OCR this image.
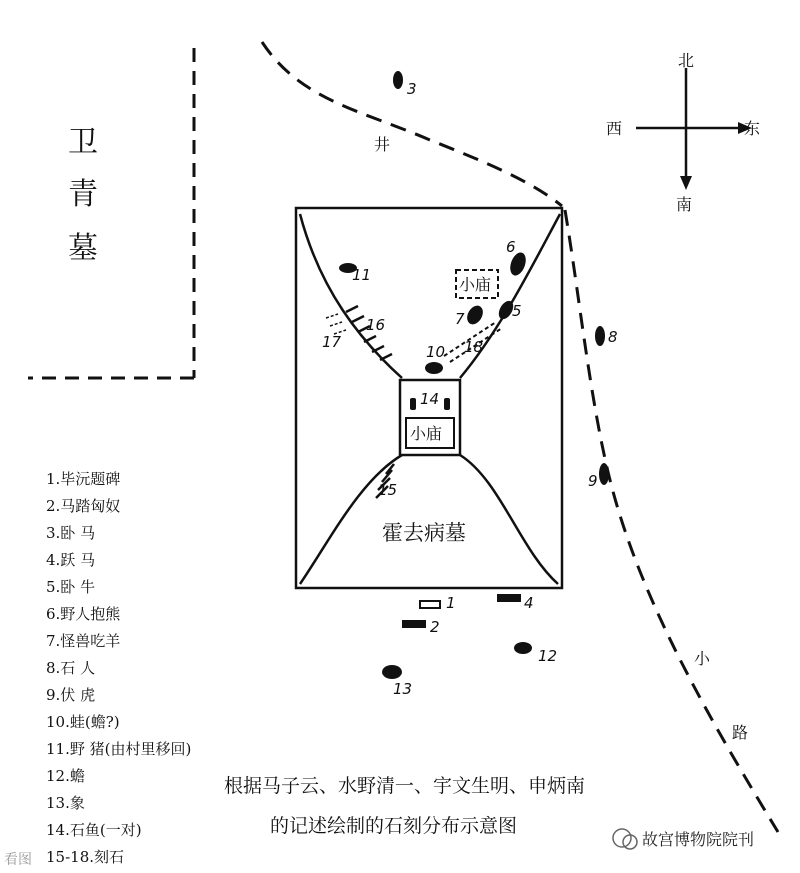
卫
青
墓
井
小
路
北
南
东
西
小庙
14
小庙
霍去病墓
1
2
3
4
5
6
7
8
9
10
11
12
13
15
16
17	18
1.毕沅题碑
2.马踏匈奴
3.卧 马
4.跃 马
5.卧 牛
6.野人抱熊
7.怪兽吃羊
8.石 人
9.伏 虎
10.蛙(蟾?)
11.野 猪(由村里移回)
12.蟾
13.象
14.石鱼(一对)
15-18.刻石
根据马子云、水野清一、宇文生明、申炳南
的记述绘制的石刻分布示意图
看图
故宫博物院院刊
